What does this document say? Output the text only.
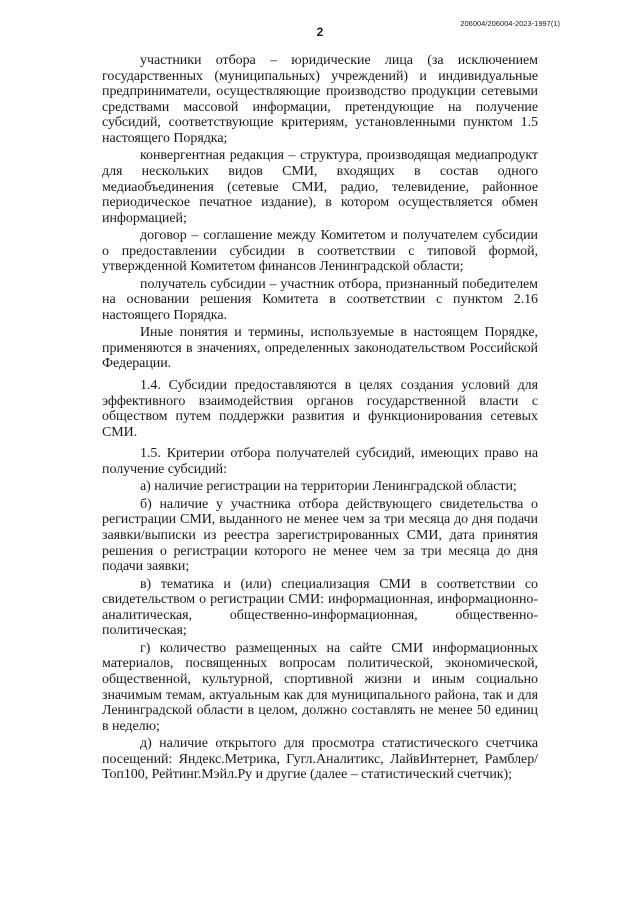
2
206004/206004-2023-1997(1)

участники отбора – юридические лица (за исключением государственных (муниципальных) учреждений) и индивидуальные предприниматели, осуществляющие производство продукции сетевыми средствами массовой информации, претендующие на получение субсидий, соответствующие критериям, установленными пунктом 1.5 настоящего Порядка;

конвергентная редакция – структура, производящая медиапродукт для нескольких видов СМИ, входящих в состав одного медиаобъединения (сетевые СМИ, радио, телевидение, районное периодическое печатное издание), в котором осуществляется обмен информацией;

договор – соглашение между Комитетом и получателем субсидии о предоставлении субсидии в соответствии с типовой формой, утвержденной Комитетом финансов Ленинградской области;

получатель субсидии – участник отбора, признанный победителем на основании решения Комитета в соответствии с пунктом 2.16 настоящего Порядка.

Иные понятия и термины, используемые в настоящем Порядке, применяются в значениях, определенных законодательством Российской Федерации.

1.4. Субсидии предоставляются в целях создания условий для эффективного взаимодействия органов государственной власти с обществом путем поддержки развития и функционирования сетевых СМИ.

1.5. Критерии отбора получателей субсидий, имеющих право на получение субсидий:

а) наличие регистрации на территории Ленинградской области;

б) наличие у участника отбора действующего свидетельства о регистрации СМИ, выданного не менее чем за три месяца до дня подачи заявки/выписки из реестра зарегистрированных СМИ, дата принятия решения о регистрации которого не менее чем за три месяца до дня подачи заявки;

в) тематика и (или) специализация СМИ в соответствии со свидетельством о регистрации СМИ: информационная, информационно-аналитическая, общественно-информационная, общественно-политическая;

г) количество размещенных на сайте СМИ информационных материалов, посвященных вопросам политической, экономической, общественной, культурной, спортивной жизни и иным социально значимым темам, актуальным как для муниципального района, так и для Ленинградской области в целом, должно составлять не менее 50 единиц в неделю;

д) наличие открытого для просмотра статистического счетчика посещений: Яндекс.Метрика, Гугл.Аналитикс, ЛайвИнтернет, Рамблер/Топ100, Рейтинг.Мэйл.Ру и другие (далее – статистический счетчик);
